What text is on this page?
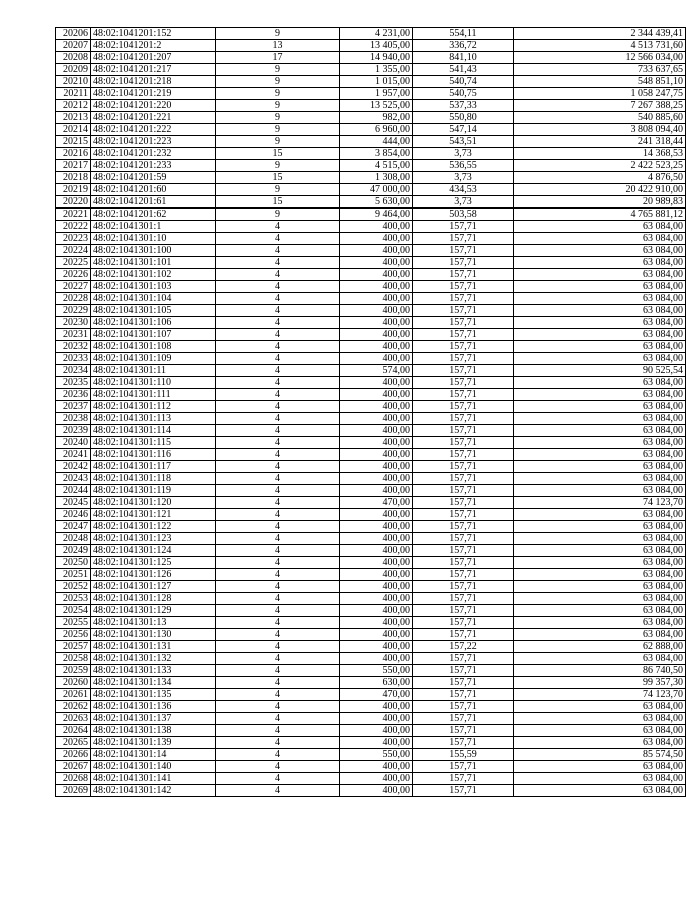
20206	48:02:1041201:152	9	4 231,00	554,11	2 344 439,41
20207	48:02:1041201:2	13	13 405,00	336,72	4 513 731,60
20208	48:02:1041201:207	17	14 940,00	841,10	12 566 034,00
20209	48:02:1041201:217	9	1 355,00	541,43	733 637,65
20210	48:02:1041201:218	9	1 015,00	540,74	548 851,10
20211	48:02:1041201:219	9	1 957,00	540,75	1 058 247,75
20212	48:02:1041201:220	9	13 525,00	537,33	7 267 388,25
20213	48:02:1041201:221	9	982,00	550,80	540 885,60
20214	48:02:1041201:222	9	6 960,00	547,14	3 808 094,40
20215	48:02:1041201:223	9	444,00	543,51	241 318,44
20216	48:02:1041201:232	15	3 854,00	3,73	14 368,53
20217	48:02:1041201:233	9	4 515,00	536,55	2 422 523,25
20218	48:02:1041201:59	15	1 308,00	3,73	4 876,50
20219	48:02:1041201:60	9	47 000,00	434,53	20 422 910,00
20220	48:02:1041201:61	15	5 630,00	3,73	20 989,83
20221	48:02:1041201:62	9	9 464,00	503,58	4 765 881,12
20222	48:02:1041301:1	4	400,00	157,71	63 084,00
20223	48:02:1041301:10	4	400,00	157,71	63 084,00
20224	48:02:1041301:100	4	400,00	157,71	63 084,00
20225	48:02:1041301:101	4	400,00	157,71	63 084,00
20226	48:02:1041301:102	4	400,00	157,71	63 084,00
20227	48:02:1041301:103	4	400,00	157,71	63 084,00
20228	48:02:1041301:104	4	400,00	157,71	63 084,00
20229	48:02:1041301:105	4	400,00	157,71	63 084,00
20230	48:02:1041301:106	4	400,00	157,71	63 084,00
20231	48:02:1041301:107	4	400,00	157,71	63 084,00
20232	48:02:1041301:108	4	400,00	157,71	63 084,00
20233	48:02:1041301:109	4	400,00	157,71	63 084,00
20234	48:02:1041301:11	4	574,00	157,71	90 525,54
20235	48:02:1041301:110	4	400,00	157,71	63 084,00
20236	48:02:1041301:111	4	400,00	157,71	63 084,00
20237	48:02:1041301:112	4	400,00	157,71	63 084,00
20238	48:02:1041301:113	4	400,00	157,71	63 084,00
20239	48:02:1041301:114	4	400,00	157,71	63 084,00
20240	48:02:1041301:115	4	400,00	157,71	63 084,00
20241	48:02:1041301:116	4	400,00	157,71	63 084,00
20242	48:02:1041301:117	4	400,00	157,71	63 084,00
20243	48:02:1041301:118	4	400,00	157,71	63 084,00
20244	48:02:1041301:119	4	400,00	157,71	63 084,00
20245	48:02:1041301:120	4	470,00	157,71	74 123,70
20246	48:02:1041301:121	4	400,00	157,71	63 084,00
20247	48:02:1041301:122	4	400,00	157,71	63 084,00
20248	48:02:1041301:123	4	400,00	157,71	63 084,00
20249	48:02:1041301:124	4	400,00	157,71	63 084,00
20250	48:02:1041301:125	4	400,00	157,71	63 084,00
20251	48:02:1041301:126	4	400,00	157,71	63 084,00
20252	48:02:1041301:127	4	400,00	157,71	63 084,00
20253	48:02:1041301:128	4	400,00	157,71	63 084,00
20254	48:02:1041301:129	4	400,00	157,71	63 084,00
20255	48:02:1041301:13	4	400,00	157,71	63 084,00
20256	48:02:1041301:130	4	400,00	157,71	63 084,00
20257	48:02:1041301:131	4	400,00	157,22	62 888,00
20258	48:02:1041301:132	4	400,00	157,71	63 084,00
20259	48:02:1041301:133	4	550,00	157,71	86 740,50
20260	48:02:1041301:134	4	630,00	157,71	99 357,30
20261	48:02:1041301:135	4	470,00	157,71	74 123,70
20262	48:02:1041301:136	4	400,00	157,71	63 084,00
20263	48:02:1041301:137	4	400,00	157,71	63 084,00
20264	48:02:1041301:138	4	400,00	157,71	63 084,00
20265	48:02:1041301:139	4	400,00	157,71	63 084,00
20266	48:02:1041301:14	4	550,00	155,59	85 574,50
20267	48:02:1041301:140	4	400,00	157,71	63 084,00
20268	48:02:1041301:141	4	400,00	157,71	63 084,00
20269	48:02:1041301:142	4	400,00	157,71	63 084,00
